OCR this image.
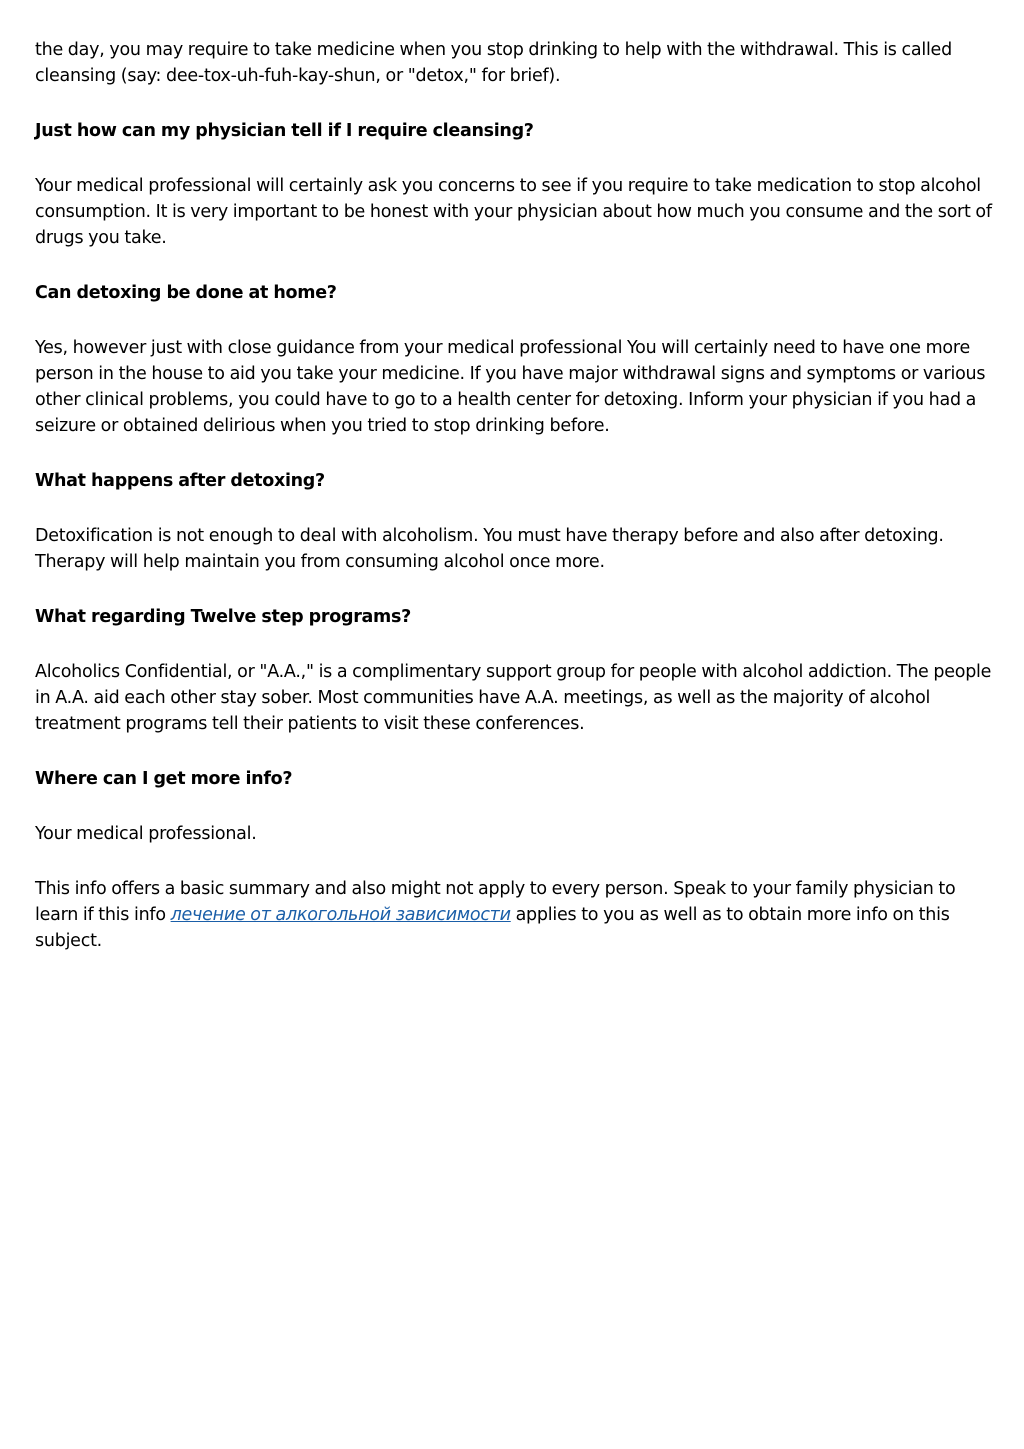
the day, you may require to take medicine when you stop drinking to help with the withdrawal. This is called cleansing (say: dee-tox-uh-fuh-kay-shun, or "detox," for brief).

Just how can my physician tell if I require cleansing?

Your medical professional will certainly ask you concerns to see if you require to take medication to stop alcohol consumption. It is very important to be honest with your physician about how much you consume and the sort of drugs you take.

Can detoxing be done at home?

Yes, however just with close guidance from your medical professional You will certainly need to have one more person in the house to aid you take your medicine. If you have major withdrawal signs and symptoms or various other clinical problems, you could have to go to a health center for detoxing. Inform your physician if you had a seizure or obtained delirious when you tried to stop drinking before.

What happens after detoxing?

Detoxification is not enough to deal with alcoholism. You must have therapy before and also after detoxing. Therapy will help maintain you from consuming alcohol once more.

What regarding Twelve step programs?

Alcoholics Confidential, or "A.A.," is a complimentary support group for people with alcohol addiction. The people in A.A. aid each other stay sober. Most communities have A.A. meetings, as well as the majority of alcohol treatment programs tell their patients to visit these conferences.

Where can I get more info?

Your medical professional.

This info offers a basic summary and also might not apply to every person. Speak to your family physician to learn if this info лечение от алкогольной зависимости applies to you as well as to obtain more info on this subject.
